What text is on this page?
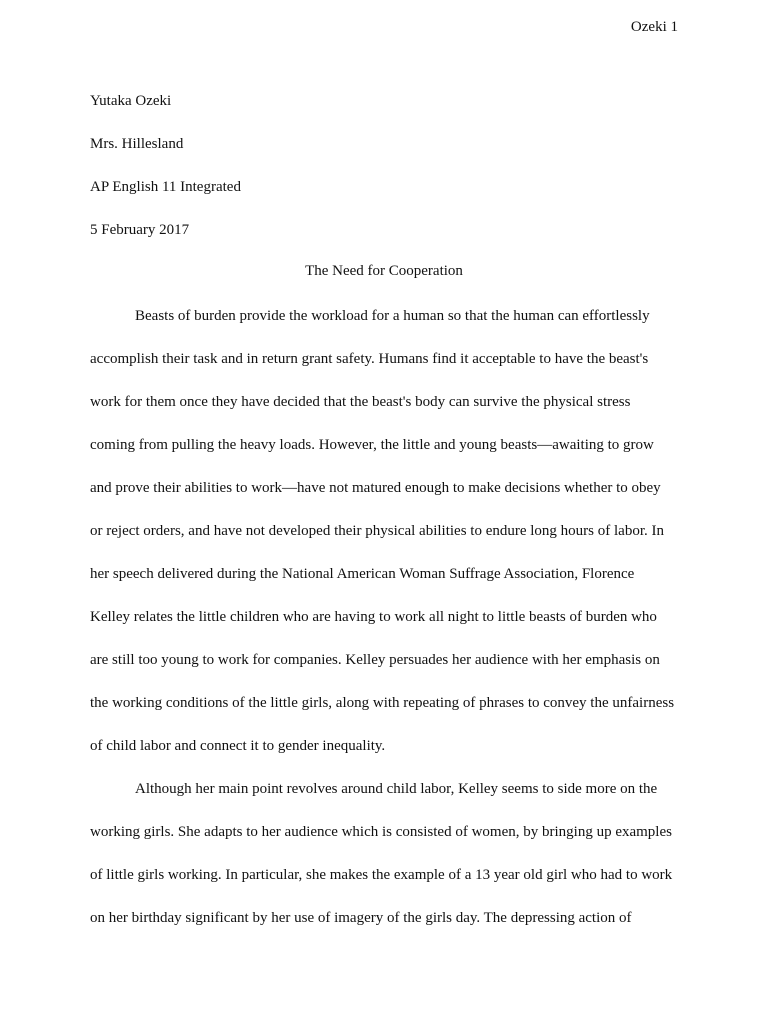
Ozeki 1
Yutaka Ozeki
Mrs. Hillesland
AP English 11 Integrated
5 February 2017
The Need for Cooperation
Beasts of burden provide the workload for a human so that the human can effortlessly
accomplish their task and in return grant safety. Humans find it acceptable to have the beast's
work for them once they have decided that the beast's body can survive the physical stress
coming from pulling the heavy loads. However, the little and young beasts—awaiting to grow
and prove their abilities to work—have not matured enough to make decisions whether to obey
or reject orders, and have not developed their physical abilities to endure long hours of labor. In
her speech delivered during the National American Woman Suffrage Association, Florence
Kelley relates the little children who are having to work all night to little beasts of burden who
are still too young to work for companies. Kelley persuades her audience with her emphasis on
the working conditions of the little girls, along with repeating of phrases to convey the unfairness
of child labor and connect it to gender inequality.
Although her main point revolves around child labor, Kelley seems to side more on the
working girls. She adapts to her audience which is consisted of women, by bringing up examples
of little girls working. In particular, she makes the example of a 13 year old girl who had to work
on her birthday significant by her use of imagery of the girls day. The depressing action of
